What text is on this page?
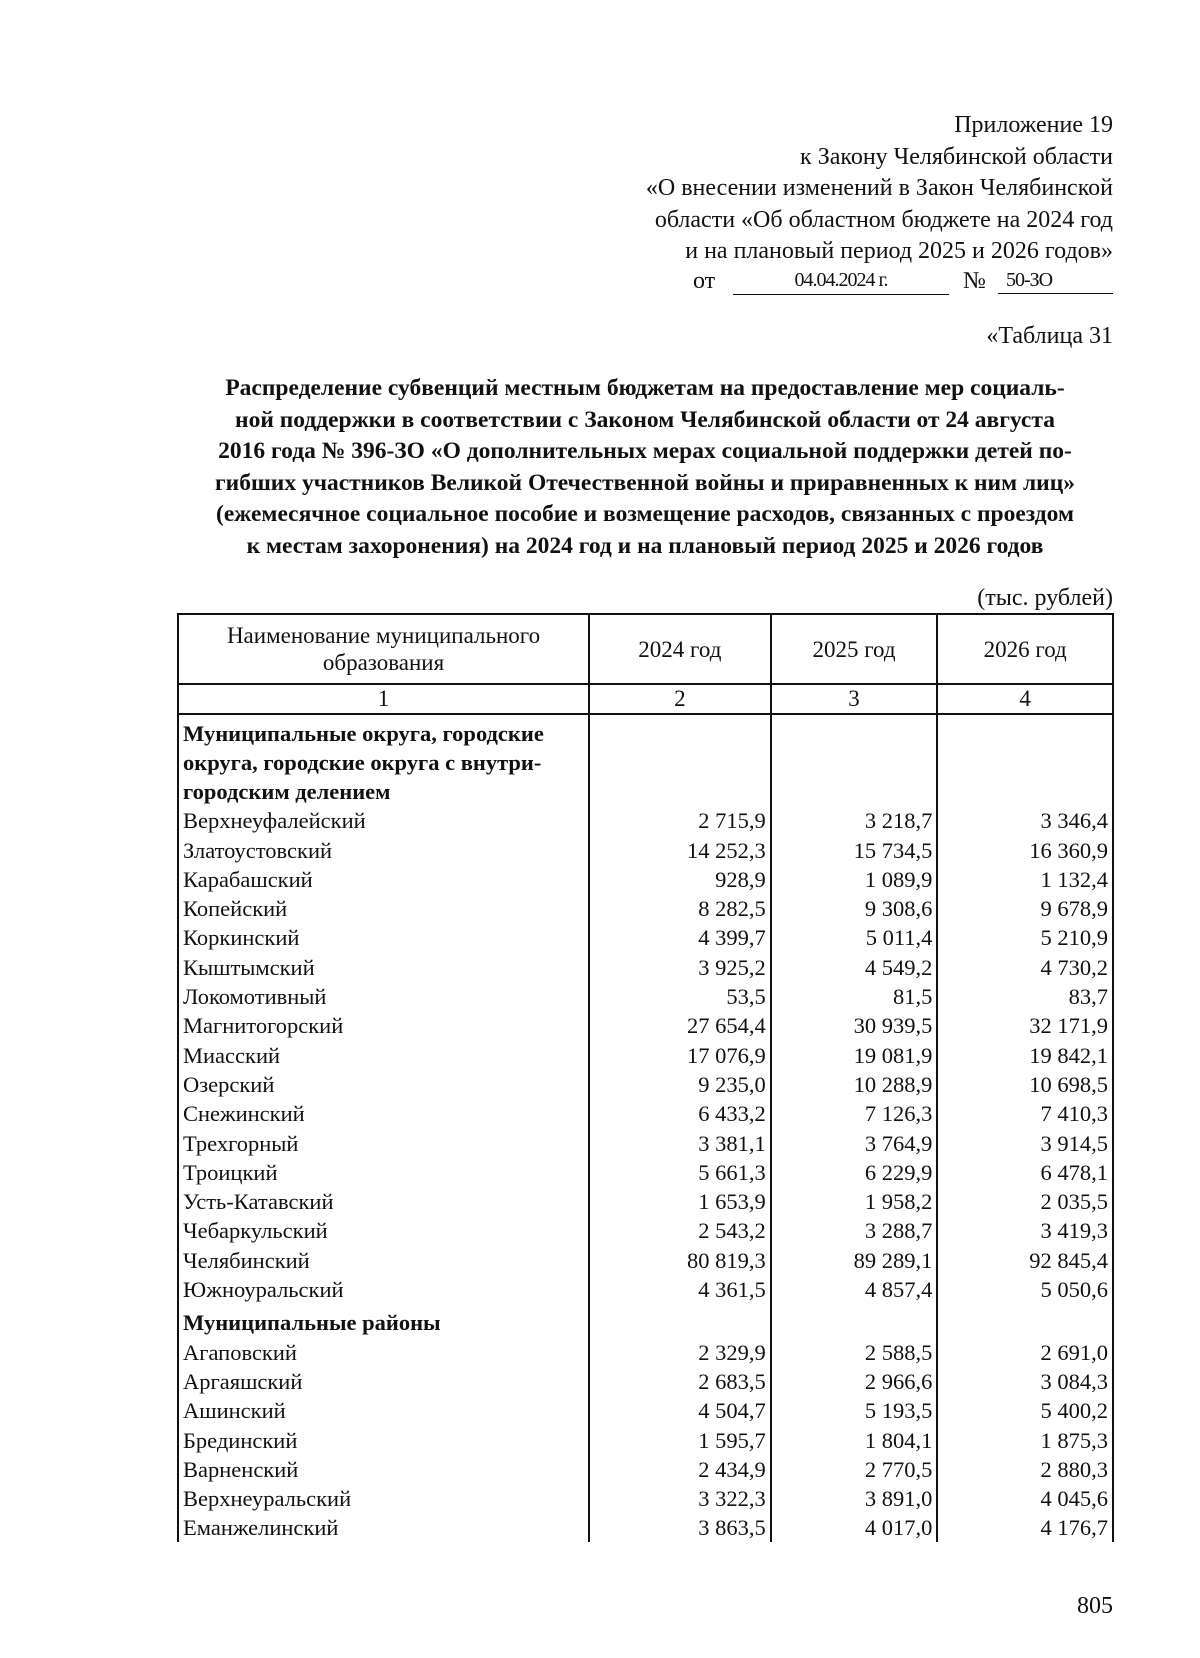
Приложение 19
к Закону Челябинской области
«О внесении изменений в Закон Челябинской
области «Об областном бюджете на 2024 год
и на плановый период 2025 и 2026 годов»
от	04.04.2024 г.	№	50-ЗО
«Таблица 31
Распределение субвенций местным бюджетам на предоставление мер социаль-
ной поддержки в соответствии с Законом Челябинской области от 24 августа
2016 года № 396-ЗО «О дополнительных мерах социальной поддержки детей по-
гибших участников Великой Отечественной войны и приравненных к ним лиц»
(ежемесячное социальное пособие и возмещение расходов, связанных с проездом
к местам захоронения) на 2024 год и на плановый период 2025 и 2026 годов
(тыс. рублей)
Наименование муниципального образования	2024 год	2025 год	2026 год
1	2	3	4
Муниципальные округа, городские округа, городские округа с внутри-городским делением			
Верхнеуфалейский	2 715,9	3 218,7	3 346,4
Златоустовский	14 252,3	15 734,5	16 360,9
Карабашский	928,9	1 089,9	1 132,4
Копейский	8 282,5	9 308,6	9 678,9
Коркинский	4 399,7	5 011,4	5 210,9
Кыштымский	3 925,2	4 549,2	4 730,2
Локомотивный	53,5	81,5	83,7
Магнитогорский	27 654,4	30 939,5	32 171,9
Миасский	17 076,9	19 081,9	19 842,1
Озерский	9 235,0	10 288,9	10 698,5
Снежинский	6 433,2	7 126,3	7 410,3
Трехгорный	3 381,1	3 764,9	3 914,5
Троицкий	5 661,3	6 229,9	6 478,1
Усть-Катавский	1 653,9	1 958,2	2 035,5
Чебаркульский	2 543,2	3 288,7	3 419,3
Челябинский	80 819,3	89 289,1	92 845,4
Южноуральский	4 361,5	4 857,4	5 050,6
Муниципальные районы			
Агаповский	2 329,9	2 588,5	2 691,0
Аргаяшский	2 683,5	2 966,6	3 084,3
Ашинский	4 504,7	5 193,5	5 400,2
Брединский	1 595,7	1 804,1	1 875,3
Варненский	2 434,9	2 770,5	2 880,3
Верхнеуральский	3 322,3	3 891,0	4 045,6
Еманжелинский	3 863,5	4 017,0	4 176,7
805
